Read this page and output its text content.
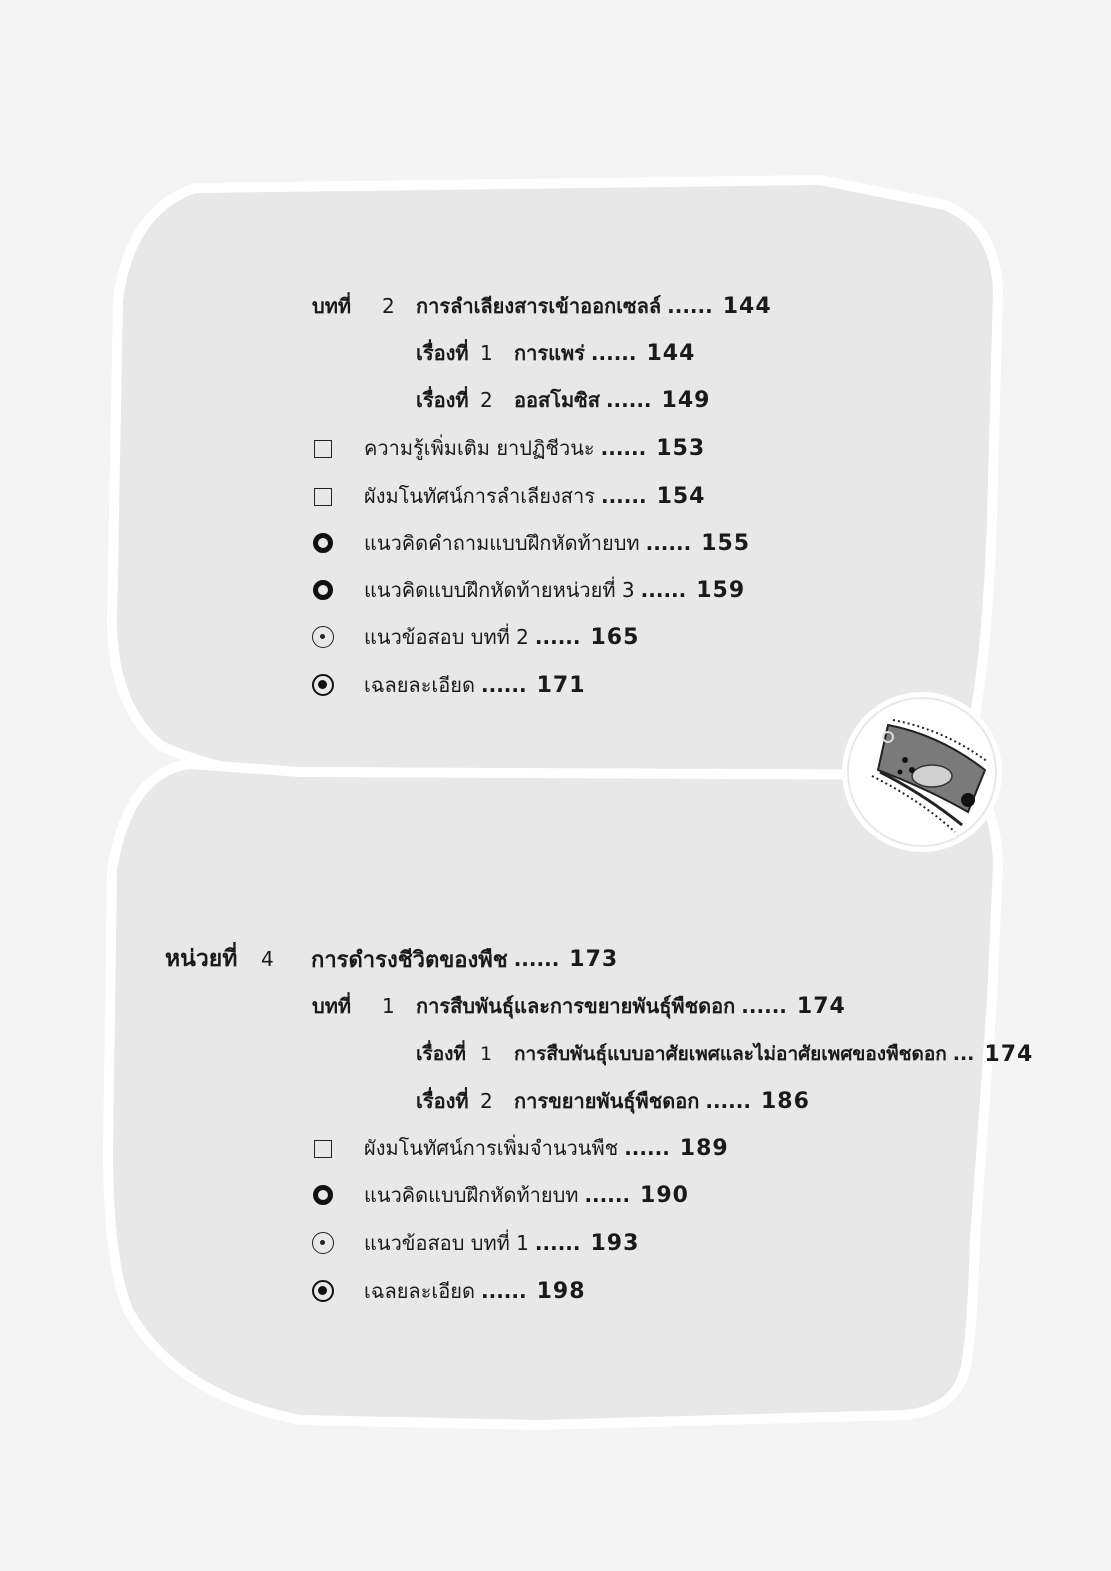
บทที่	2	การลำเลียงสารเข้าออกเซลล์ ...... 144
เรื่องที่ 1	การแพร่ ...... 144
เรื่องที่ 2	ออสโมซิส ...... 149
ความรู้เพิ่มเติม ยาปฏิชีวนะ ...... 153
ผังมโนทัศน์การลำเลียงสาร ...... 154
แนวคิดคำถามแบบฝึกหัดท้ายบท ...... 155
แนวคิดแบบฝึกหัดท้ายหน่วยที่ 3 ...... 159
แนวข้อสอบ บทที่ 2 ...... 165
เฉลยละเอียด ...... 171
หน่วยที่	4	การดำรงชีวิตของพืช ...... 173
บทที่	1	การสืบพันธุ์และการขยายพันธุ์พืชดอก ...... 174
เรื่องที่ 1	การสืบพันธุ์แบบอาศัยเพศและไม่อาศัยเพศของพืชดอก ... 174
เรื่องที่ 2	การขยายพันธุ์พืชดอก ...... 186
ผังมโนทัศน์การเพิ่มจำนวนพืช ...... 189
แนวคิดแบบฝึกหัดท้ายบท ...... 190
แนวข้อสอบ บทที่ 1 ...... 193
เฉลยละเอียด ...... 198
